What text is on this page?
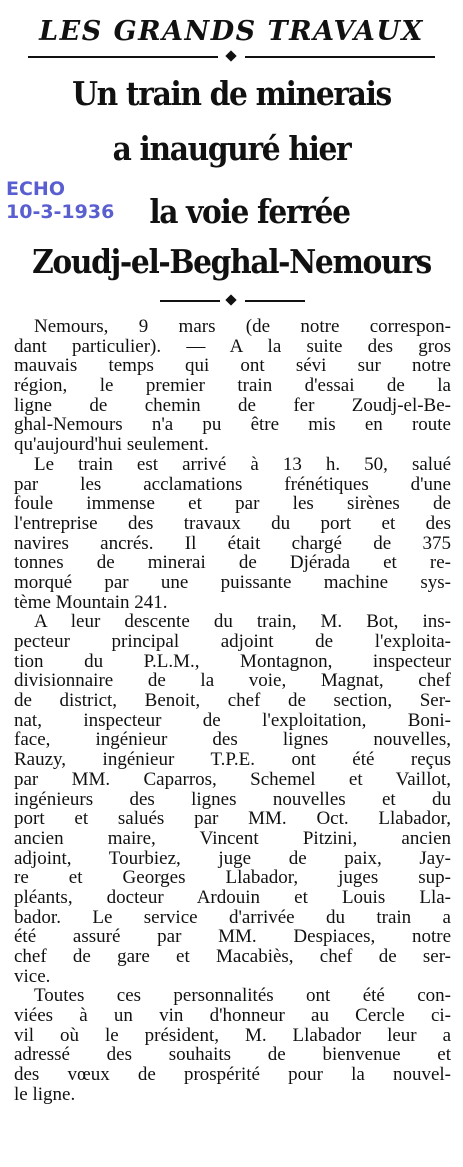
LES GRANDS TRAVAUX
Un train de minerais
a inauguré hier
la voie ferrée
Zoudj-el-Beghal-Nemours
ECHO
10-3-1936
Nemours, 9 mars (de notre correspon-
dant particulier). — A la suite des gros
mauvais temps qui ont sévi sur notre
région, le premier train d'essai de la
ligne de chemin de fer Zoudj-el-Be-
ghal-Nemours n'a pu être mis en route
qu'aujourd'hui seulement.
Le train est arrivé à 13 h. 50, salué
par les acclamations frénétiques d'une
foule immense et par les sirènes de
l'entreprise des travaux du port et des
navires ancrés. Il était chargé de 375
tonnes de minerai de Djérada et re-
morqué par une puissante machine sys-
tème Mountain 241.
A leur descente du train, M. Bot, ins-
pecteur principal adjoint de l'exploita-
tion du P.L.M., Montagnon, inspecteur
divisionnaire de la voie, Magnat, chef
de district, Benoit, chef de section, Ser-
nat, inspecteur de l'exploitation, Boni-
face, ingénieur des lignes nouvelles,
Rauzy, ingénieur T.P.E. ont été reçus
par MM. Caparros, Schemel et Vaillot,
ingénieurs des lignes nouvelles et du
port et salués par MM. Oct. Llabador,
ancien maire, Vincent Pitzini, ancien
adjoint, Tourbiez, juge de paix, Jay-
re et Georges Llabador, juges sup-
pléants, docteur Ardouin et Louis Lla-
bador. Le service d'arrivée du train a
été assuré par MM. Despiaces, notre
chef de gare et Macabiès, chef de ser-
vice.
Toutes ces personnalités ont été con-
viées à un vin d'honneur au Cercle ci-
vil où le président, M. Llabador leur a
adressé des souhaits de bienvenue et
des vœux de prospérité pour la nouvel-
le ligne.
